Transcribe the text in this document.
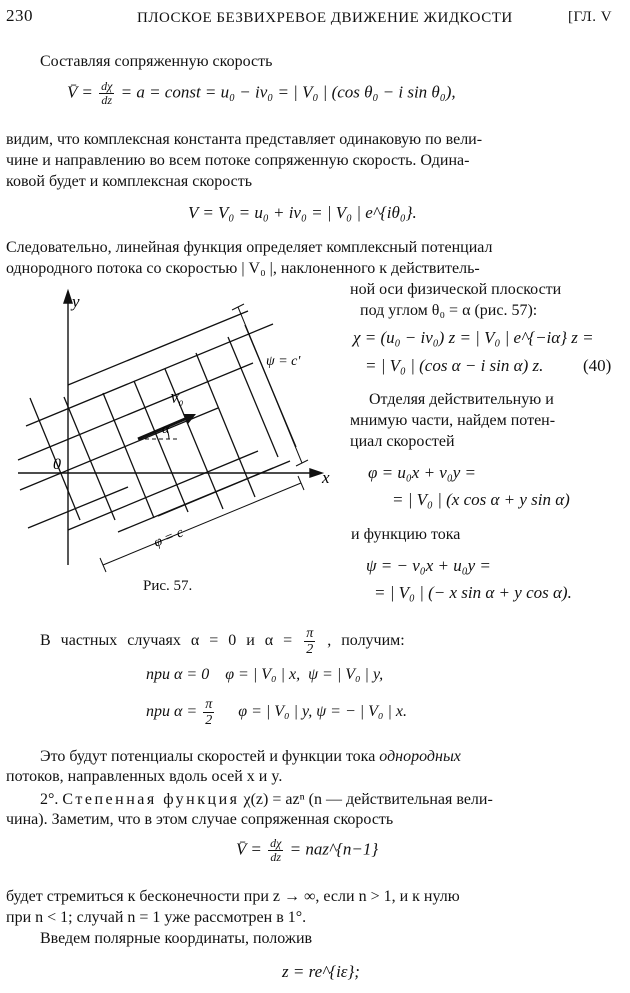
230	ПЛОСКОЕ БЕЗВИХРЕВОЕ ДВИЖЕНИЕ ЖИДКОСТИ	[ГЛ. V
Составляя сопряженную скорость
V̄ = $\frac{d\chi}{dz} = a$ = const = u₀ − iv₀ = | V₀ | (cos θ₀ − i sin θ₀),
видим, что комплексная константа представляет одинаковую по вели-
чине и направлению во всем потоке сопряженную скорость. Одина-
ковой будет и комплексная скорость
V = V₀ = u₀ + iv₀ = | V₀ | e^{iθ₀}.
Следовательно, линейная функция определяет комплексный потенциал
однородного потока со скоростью | V₀ |, наклоненного к действитель-
ной оси физической плоскости
под углом θ₀ = α (рис. 57):
χ = (u₀ − iv₀) z = | V₀ | e^{−iα} z =
= | V₀ | (cos α − i sin α) z. (40)
Отделяя действительную и
мнимую части, найдем потен-
циал скоростей
φ = u₀x + v₀y =
= | V₀ | (x cos α + y sin α)
и функцию тока
ψ = − v₀x + u₀y =
= | V₀ | (− x sin α + y cos α).
y
x
0
V₀
α
ψ = c'
φ = c
Рис. 57.
В частных случаях α = 0 и $\alpha = \frac{\pi}{2}$ , получим:
при α = 0    φ = | V₀ | x,  ψ = | V₀ | y,
при $\alpha = \frac{\pi}{2}$ φ = | V₀ | y, ψ = − | V₀ | x.
Это будут потенциалы скоростей и функции тока однородных
потоков, направленных вдоль осей x и y.
2°. Степенная функция χ(z) = azⁿ (n — действительная вели-
чина). Заметим, что в этом случае сопряженная скорость
V̄ = $\frac{d\chi}{dz}$ = naz^{n−1}
будет стремиться к бесконечности при z → ∞, если n > 1, и к нулю
при n < 1; случай n = 1 уже рассмотрен в 1°.
Введем полярные координаты, положив
z = re^{iε};
